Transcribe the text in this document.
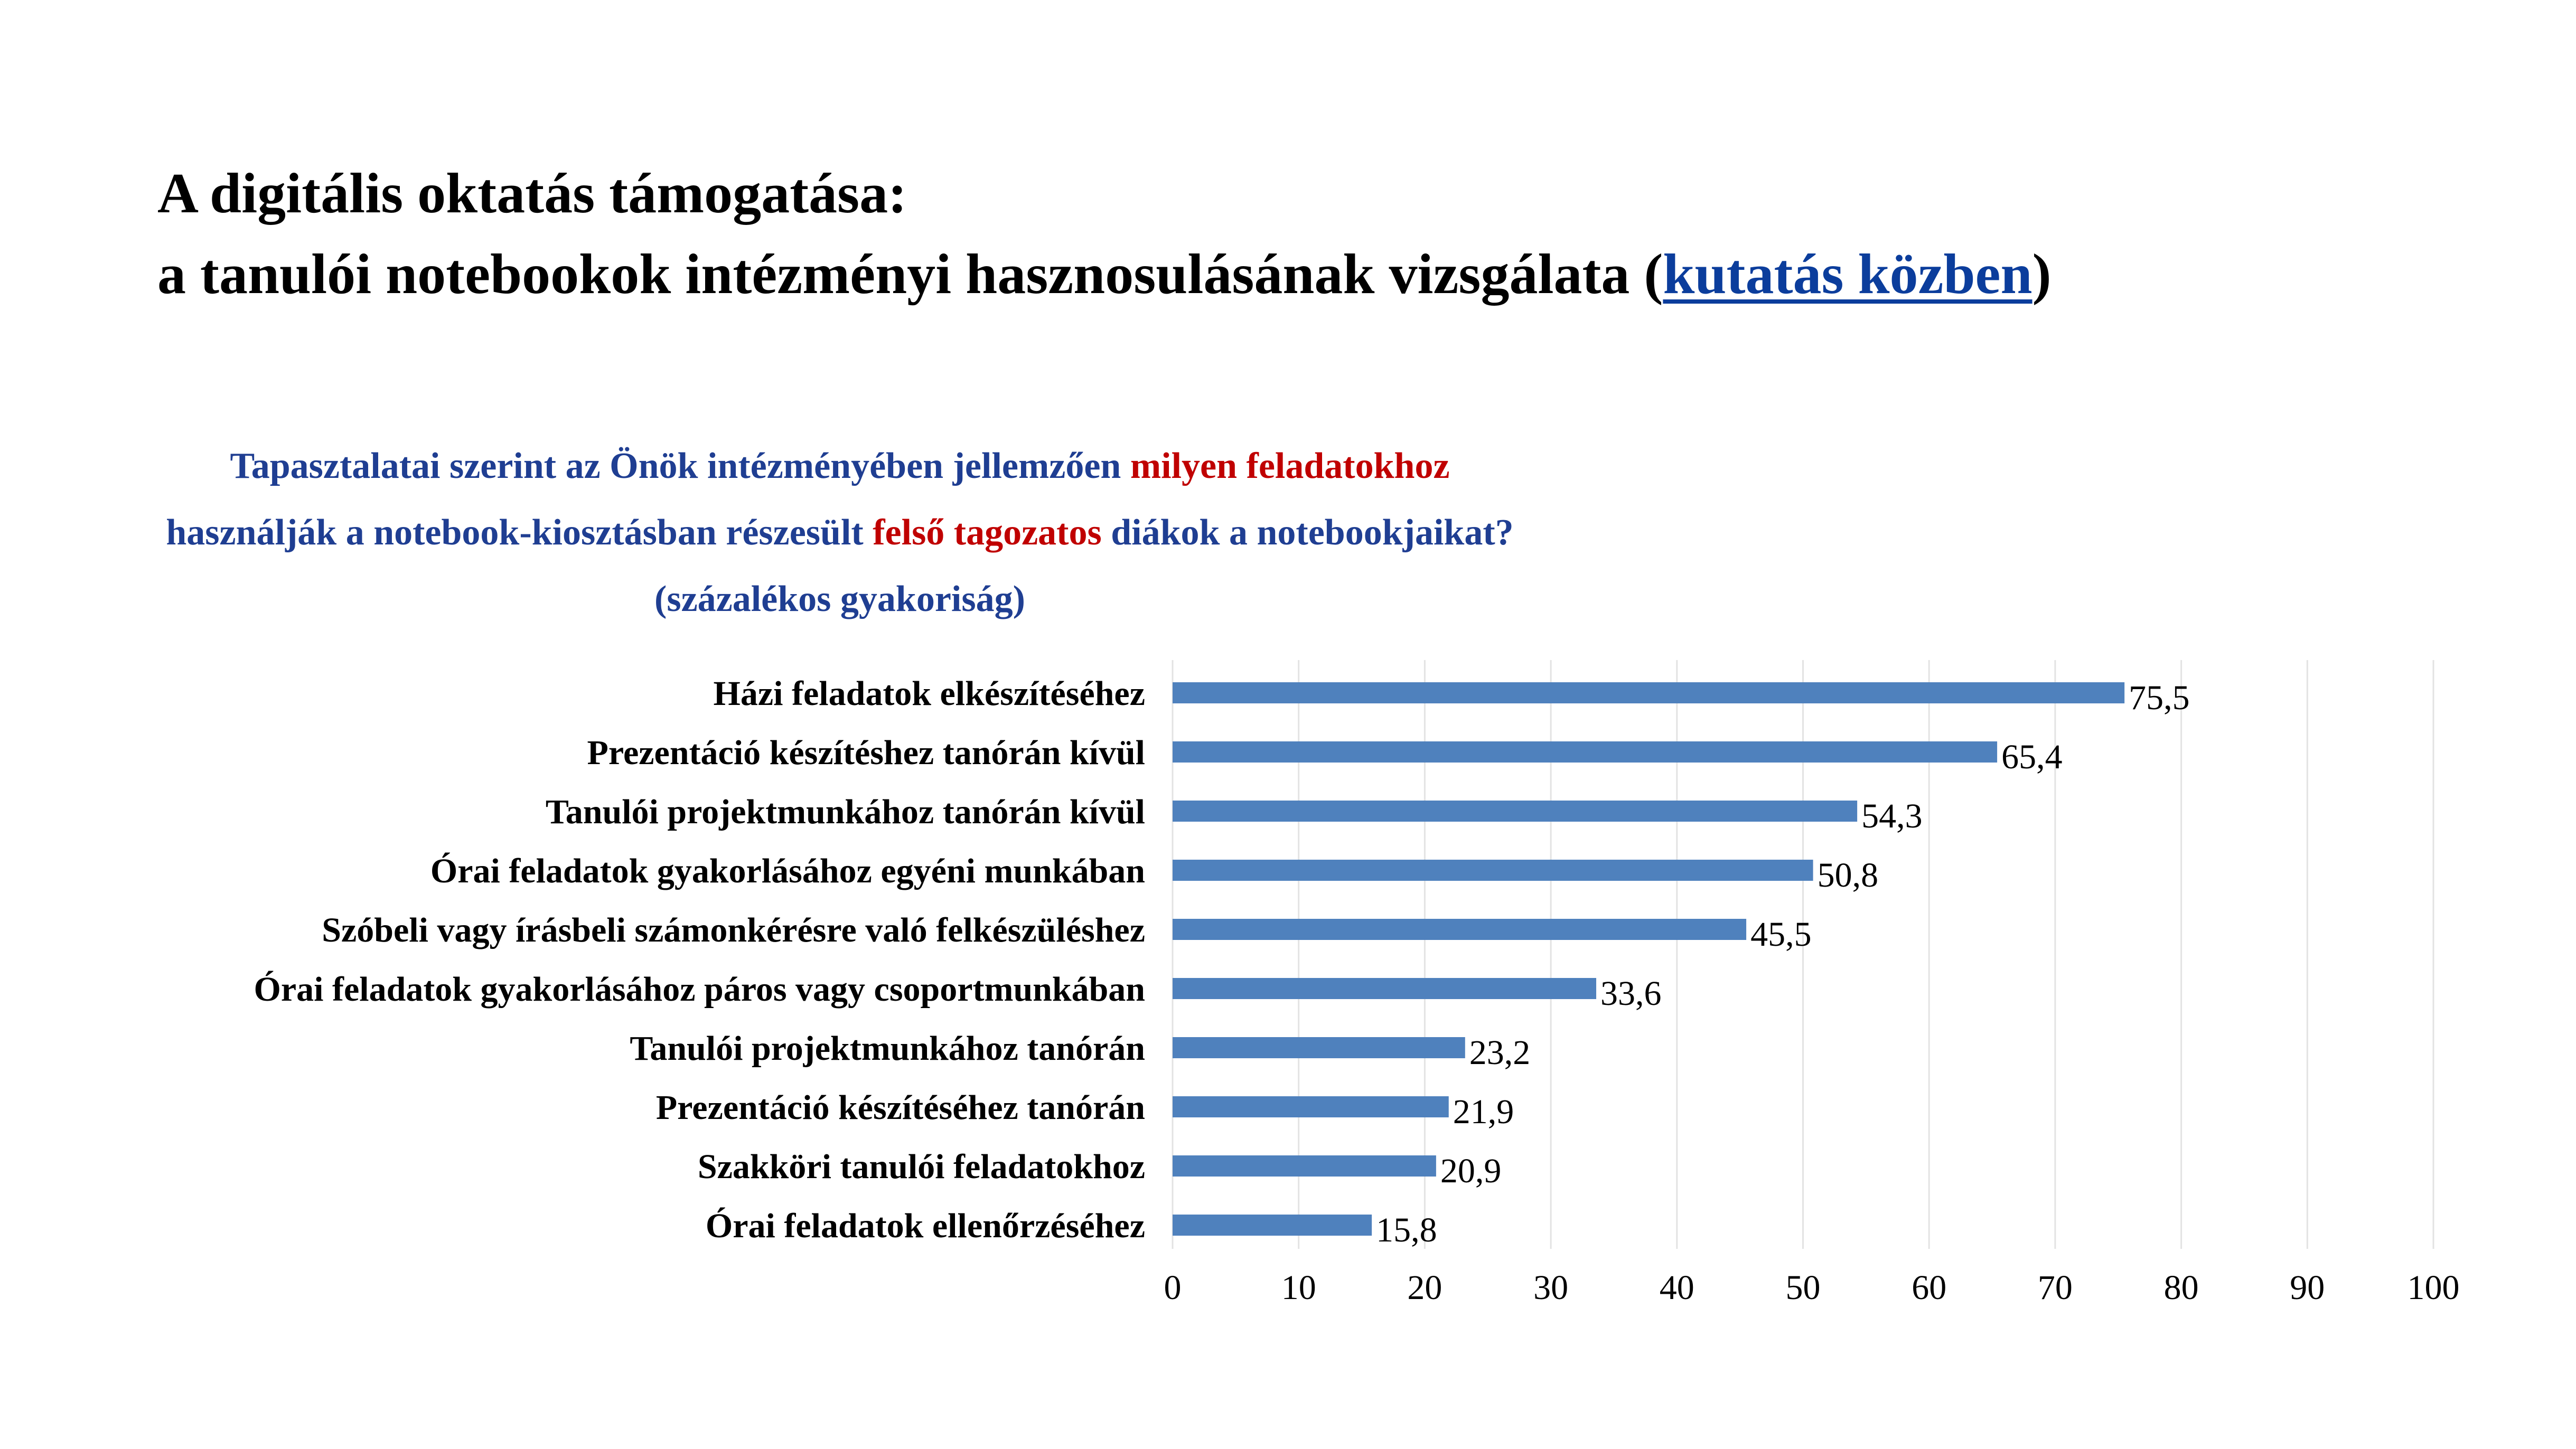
A digitális oktatás támogatása:
a tanulói notebookok intézményi hasznosulásának vizsgálata (kutatás közben)
Tapasztalatai szerint az Önök intézményében jellemzően milyen feladatokhoz
használják a notebook-kiosztásban részesült felső tagozatos diákok a notebookjaikat?
(százalékos gyakoriság)
Házi feladatok elkészítéséhez
Prezentáció készítéshez tanórán kívül
Tanulói projektmunkához tanórán kívül
Órai feladatok gyakorlásához egyéni munkában
Szóbeli vagy írásbeli számonkérésre való felkészüléshez
Órai feladatok gyakorlásához páros vagy csoportmunkában
Tanulói projektmunkához tanórán
Prezentáció készítéséhez tanórán
Szakköri tanulói feladatokhoz
Órai feladatok ellenőrzéséhez
75,5
65,4
54,3
50,8
45,5
33,6
23,2
21,9
20,9
15,8
0	10	20	30	40	50	60	70	80	90 100
